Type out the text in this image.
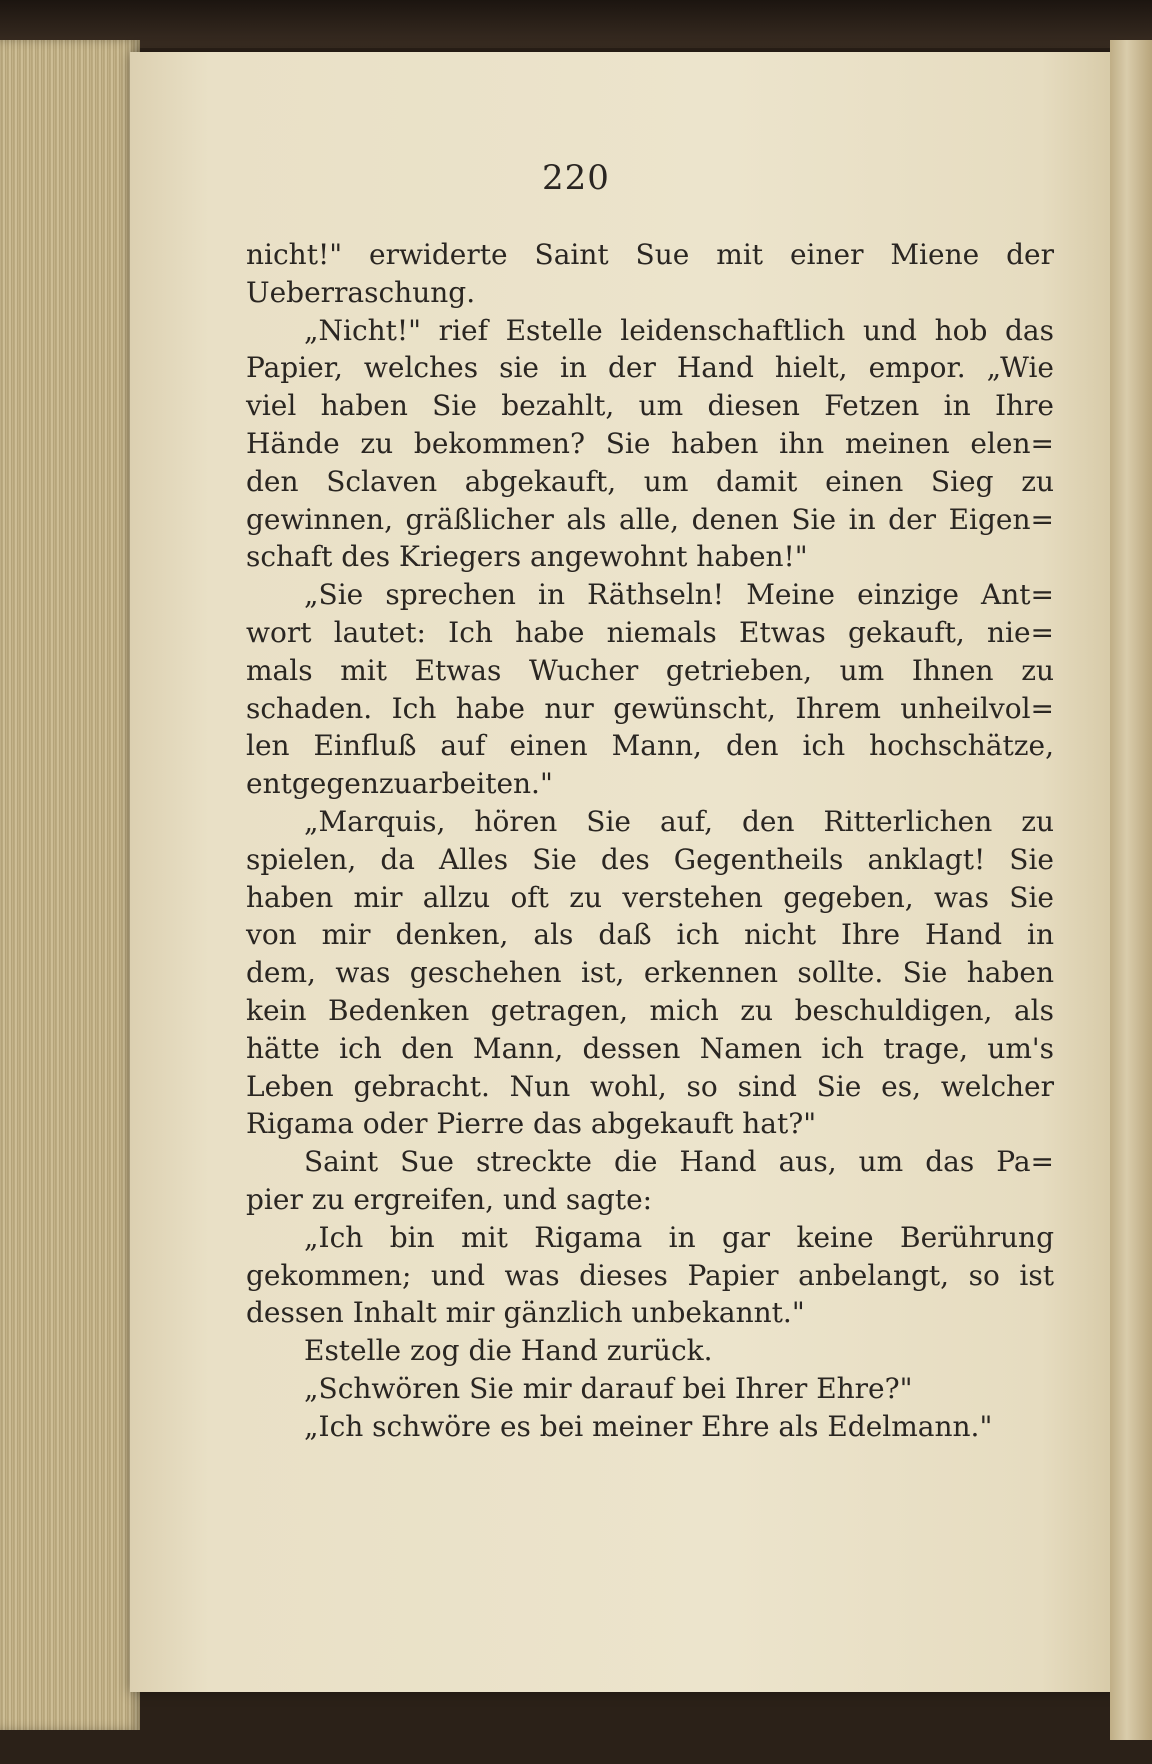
220
nicht!" erwiderte Saint Sue mit einer Miene der
Ueberraschung.
„Nicht!" rief Estelle leidenschaftlich und hob das
Papier, welches sie in der Hand hielt, empor. „Wie
viel haben Sie bezahlt, um diesen Fetzen in Ihre
Hände zu bekommen? Sie haben ihn meinen elen=
den Sclaven abgekauft, um damit einen Sieg zu
gewinnen, gräßlicher als alle, denen Sie in der Eigen=
schaft des Kriegers angewohnt haben!"
„Sie sprechen in Räthseln! Meine einzige Ant=
wort lautet: Ich habe niemals Etwas gekauft, nie=
mals mit Etwas Wucher getrieben, um Ihnen zu
schaden. Ich habe nur gewünscht, Ihrem unheilvol=
len Einfluß auf einen Mann, den ich hochschätze,
entgegenzuarbeiten."
„Marquis, hören Sie auf, den Ritterlichen zu
spielen, da Alles Sie des Gegentheils anklagt! Sie
haben mir allzu oft zu verstehen gegeben, was Sie
von mir denken, als daß ich nicht Ihre Hand in
dem, was geschehen ist, erkennen sollte. Sie haben
kein Bedenken getragen, mich zu beschuldigen, als
hätte ich den Mann, dessen Namen ich trage, um's
Leben gebracht. Nun wohl, so sind Sie es, welcher
Rigama oder Pierre das abgekauft hat?"
Saint Sue streckte die Hand aus, um das Pa=
pier zu ergreifen, und sagte:
„Ich bin mit Rigama in gar keine Berührung
gekommen; und was dieses Papier anbelangt, so ist
dessen Inhalt mir gänzlich unbekannt."
Estelle zog die Hand zurück.
„Schwören Sie mir darauf bei Ihrer Ehre?"
„Ich schwöre es bei meiner Ehre als Edelmann."
